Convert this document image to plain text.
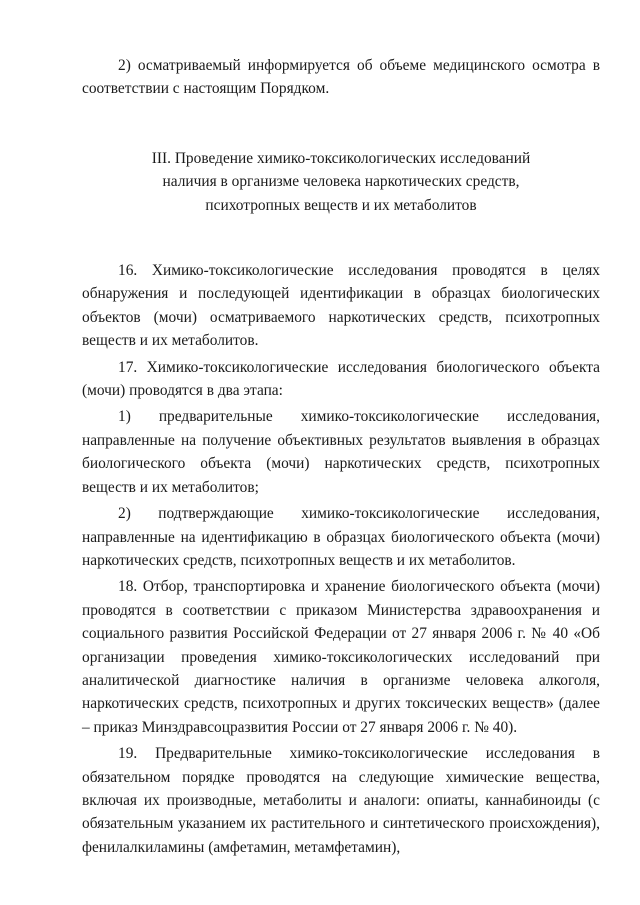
2) осматриваемый информируется об объеме медицинского осмотра в соответствии с настоящим Порядком.

III. Проведение химико-токсикологических исследований
наличия в организме человека наркотических средств,
психотропных веществ и их метаболитов

16. Химико-токсикологические исследования проводятся в целях обнаружения и последующей идентификации в образцах биологических объектов (мочи) осматриваемого наркотических средств, психотропных веществ и их метаболитов.

17. Химико-токсикологические исследования биологического объекта (мочи) проводятся в два этапа:

1) предварительные химико-токсикологические исследования, направленные на получение объективных результатов выявления в образцах биологического объекта (мочи) наркотических средств, психотропных веществ и их метаболитов;

2) подтверждающие химико-токсикологические исследования, направленные на идентификацию в образцах биологического объекта (мочи) наркотических средств, психотропных веществ и их метаболитов.

18. Отбор, транспортировка и хранение биологического объекта (мочи) проводятся в соответствии с приказом Министерства здравоохранения и социального развития Российской Федерации от 27 января 2006 г. № 40 «Об организации проведения химико-токсикологических исследований при аналитической диагностике наличия в организме человека алкоголя, наркотических средств, психотропных и других токсических веществ» (далее – приказ Минздравсоцразвития России от 27 января 2006 г. № 40).

19. Предварительные химико-токсикологические исследования в обязательном порядке проводятся на следующие химические вещества, включая их производные, метаболиты и аналоги: опиаты, каннабиноиды (с обязательным указанием их растительного и синтетического происхождения), фенилалкиламины (амфетамин, метамфетамин),
